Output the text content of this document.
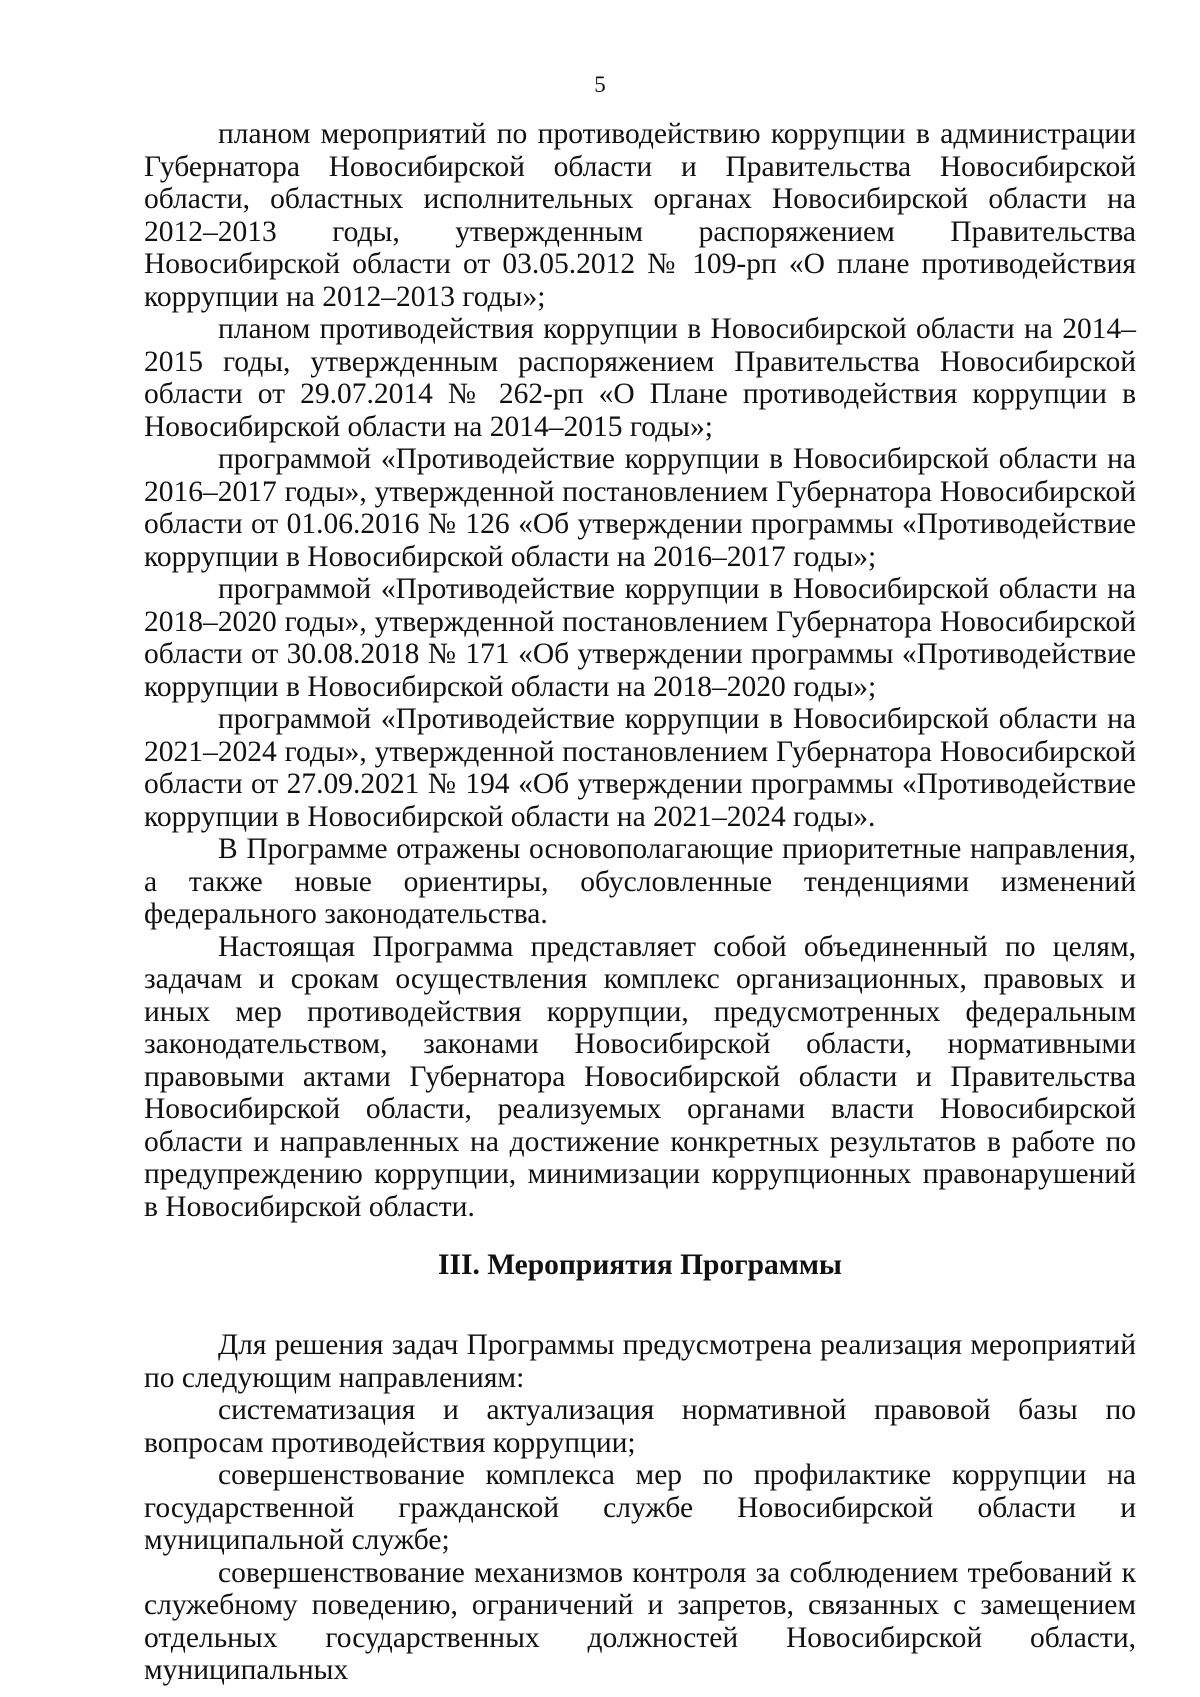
5

планом мероприятий по противодействию коррупции в администрации Губернатора Новосибирской области и Правительства Новосибирской области, областных исполнительных органах Новосибирской области на 2012–2013 годы, утвержденным распоряжением Правительства Новосибирской области от 03.05.2012 № 109-рп «О плане противодействия коррупции на 2012–2013 годы»;

планом противодействия коррупции в Новосибирской области на 2014–2015 годы, утвержденным распоряжением Правительства Новосибирской области от 29.07.2014 № 262-рп «О Плане противодействия коррупции в Новосибирской области на 2014–2015 годы»;

программой «Противодействие коррупции в Новосибирской области на 2016–2017 годы», утвержденной постановлением Губернатора Новосибирской области от 01.06.2016 № 126 «Об утверждении программы «Противодействие коррупции в Новосибирской области на 2016–2017 годы»;

программой «Противодействие коррупции в Новосибирской области на 2018–2020 годы», утвержденной постановлением Губернатора Новосибирской области от 30.08.2018 № 171 «Об утверждении программы «Противодействие коррупции в Новосибирской области на 2018–2020 годы»;

программой «Противодействие коррупции в Новосибирской области на 2021–2024 годы», утвержденной постановлением Губернатора Новосибирской области от 27.09.2021 № 194 «Об утверждении программы «Противодействие коррупции в Новосибирской области на 2021–2024 годы».

В Программе отражены основополагающие приоритетные направления, а также новые ориентиры, обусловленные тенденциями изменений федерального законодательства.

Настоящая Программа представляет собой объединенный по целям, задачам и срокам осуществления комплекс организационных, правовых и иных мер противодействия коррупции, предусмотренных федеральным законодательством, законами Новосибирской области, нормативными правовыми актами Губернатора Новосибирской области и Правительства Новосибирской области, реализуемых органами власти Новосибирской области и направленных на достижение конкретных результатов в работе по предупреждению коррупции, минимизации коррупционных правонарушений в Новосибирской области.

III. Мероприятия Программы

Для решения задач Программы предусмотрена реализация мероприятий по следующим направлениям:

систематизация и актуализация нормативной правовой базы по вопросам противодействия коррупции;

совершенствование комплекса мер по профилактике коррупции на государственной гражданской службе Новосибирской области и муниципальной службе;

совершенствование механизмов контроля за соблюдением требований к служебному поведению, ограничений и запретов, связанных с замещением отдельных государственных должностей Новосибирской области, муниципальных
